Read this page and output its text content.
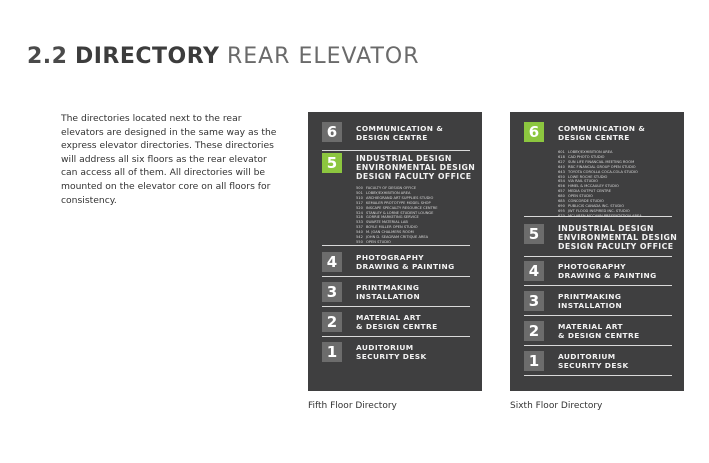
2.2 DIRECTORY REAR ELEVATOR
The directories located next to the rear elevators are designed in the same way as the express elevator directories. These directories will address all six floors as the rear elevator can access all of them. All directories will be mounted on the elevator core on all floors for consistency.
6	COMMUNICATION &
DESIGN CENTRE
5	INDUSTRIAL DESIGN
ENVIRONMENTAL DESIGN
DESIGN FACULTY OFFICE
500 FACULTY OF DESIGN OFFICE
501 LOBBY/EXHIBITION AREA
510 ARCHIEGRAND ART SUPPLIES STUDIO
517 KEMALER PROTOTYPE MODEL SHOP
520 INSCAPE SPECIALTY RESOURCE CENTRE
524 STANLEY & LORNE STUDENT LOUNGE
528 GORRIE MARKETING SERVICE
533 SWARTE MATERIAL LAB
537 BOYLE MILLER OPEN STUDIO
540 M. JOAN CHALMERS ROOM
542 JOHN D. SEAGRAM CRITIQUE AREA
550 OPEN STUDIO
4	PHOTOGRAPHY
DRAWING & PAINTING
3	PRINTMAKING
INSTALLATION
2	MATERIAL ART
& DESIGN CENTRE
1	AUDITORIUM
SECURITY DESK
Fifth Floor Directory
6	COMMUNICATION &
DESIGN CENTRE
601 LOBBY/EXHIBITION AREA
618 CAD PHOTO STUDIO
627 SUN LIFE FINANCIAL MEETING ROOM
640 RBC FINANCIAL GROUP OPEN STUDIO
643 TOYOTA COROLLA COCA-COLA STUDIO
650 LOWE ROCHE STUDIO
654 VIA RAIL STUDIO
656 HIMEL & MCCAULEY STUDIO
657 MEDIA OUTPUT CENTRE
680 OPEN STUDIO
685 CONCORDE STUDIO
690 PUBLICIS CANADA INC. STUDIO
695 JWT FLOOD INSPIRED INC. STUDIO
670 MCLAREN MCCANN PRESENTATION AREA
5	INDUSTRIAL DESIGN
ENVIRONMENTAL DESIGN
DESIGN FACULTY OFFICE
4	PHOTOGRAPHY
DRAWING & PAINTING
3	PRINTMAKING
INSTALLATION
2	MATERIAL ART
& DESIGN CENTRE
1	AUDITORIUM
SECURITY DESK
Sixth Floor Directory
